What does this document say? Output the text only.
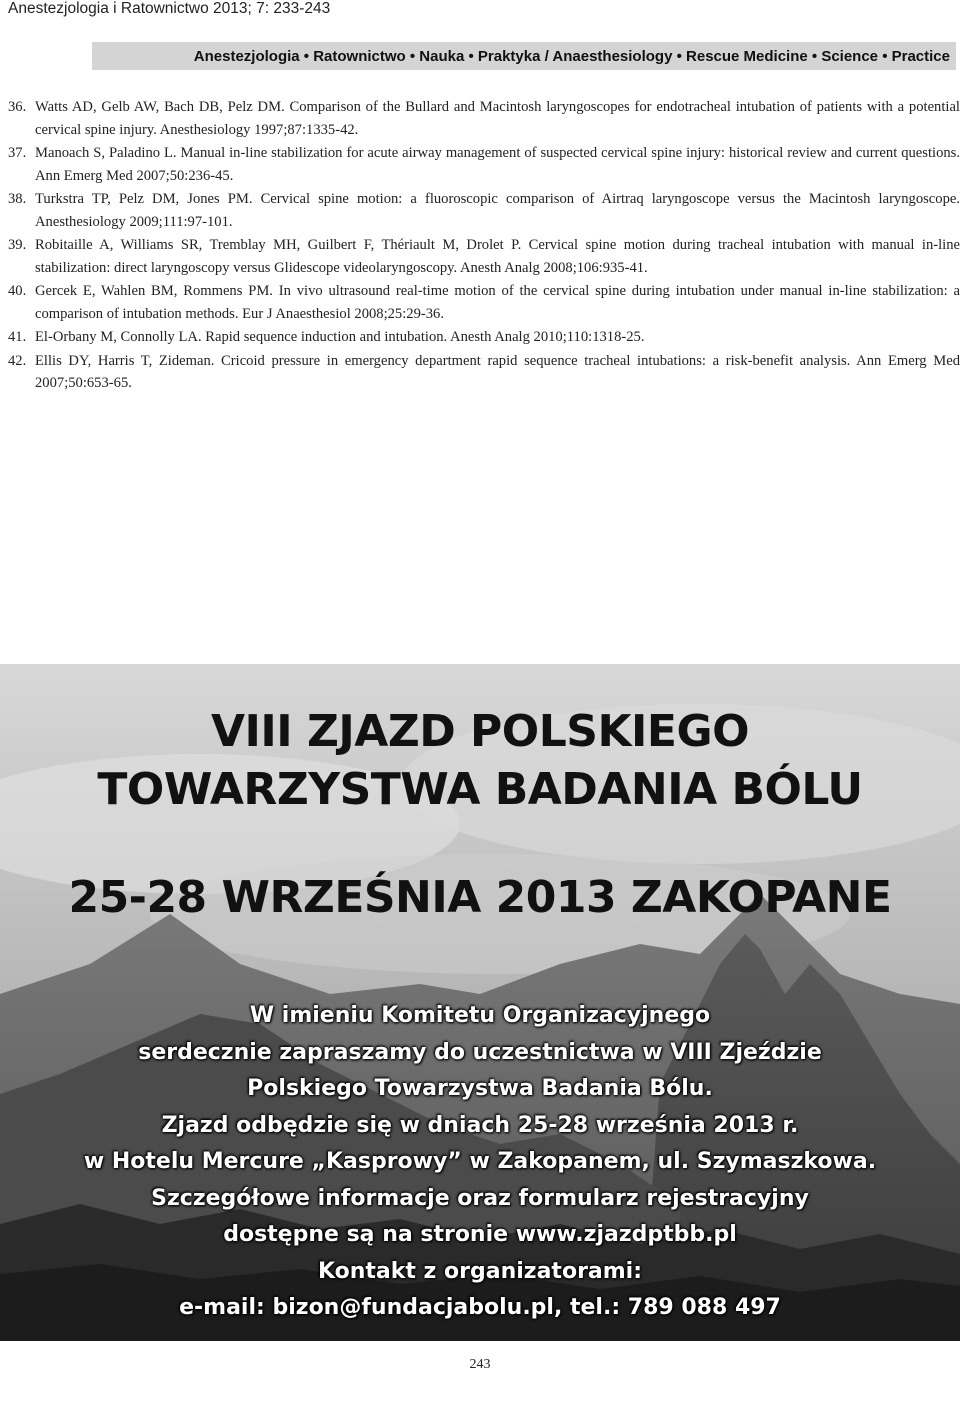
Anestezjologia i Ratownictwo 2013; 7: 233-243
Anestezjologia • Ratownictwo • Nauka • Praktyka / Anaesthesiology • Rescue Medicine • Science • Practice
36. Watts AD, Gelb AW, Bach DB, Pelz DM. Comparison of the Bullard and Macintosh laryngoscopes for endotracheal intubation of patients with a potential cervical spine injury. Anesthesiology 1997;87:1335-42.
37. Manoach S, Paladino L. Manual in-line stabilization for acute airway management of suspected cervical spine injury: historical review and current questions. Ann Emerg Med 2007;50:236-45.
38. Turkstra TP, Pelz DM, Jones PM. Cervical spine motion: a fluoroscopic comparison of Airtraq laryngoscope versus the Macintosh laryngoscope. Anesthesiology 2009;111:97-101.
39. Robitaille A, Williams SR, Tremblay MH, Guilbert F, Thériault M, Drolet P. Cervical spine motion during tracheal intubation with manual in-line stabilization: direct laryngoscopy versus Glidescope videolaryngoscopy. Anesth Analg 2008;106:935-41.
40. Gercek E, Wahlen BM, Rommens PM. In vivo ultrasound real-time motion of the cervical spine during intubation under manual in-line stabilization: a comparison of intubation methods. Eur J Anaesthesiol 2008;25:29-36.
41. El-Orbany M, Connolly LA. Rapid sequence induction and intubation. Anesth Analg 2010;110:1318-25.
42. Ellis DY, Harris T, Zideman. Cricoid pressure in emergency department rapid sequence tracheal intubations: a risk-benefit analysis. Ann Emerg Med 2007;50:653-65.
VIII ZJAZD POLSKIEGO
TOWARZYSTWA BADANIA BÓLU
25-28 WRZEŚNIA 2013 ZAKOPANE
W imieniu Komitetu Organizacyjnego
serdecznie zapraszamy do uczestnictwa w VIII Zjeździe
Polskiego Towarzystwa Badania Bólu.
Zjazd odbędzie się w dniach 25-28 września 2013 r.
w Hotelu Mercure „Kasprowy” w Zakopanem, ul. Szymaszkowa.
Szczegółowe informacje oraz formularz rejestracyjny
dostępne są na stronie www.zjazdptbb.pl
Kontakt z organizatorami:
e-mail: bizon@fundacjabolu.pl, tel.: 789 088 497
243
